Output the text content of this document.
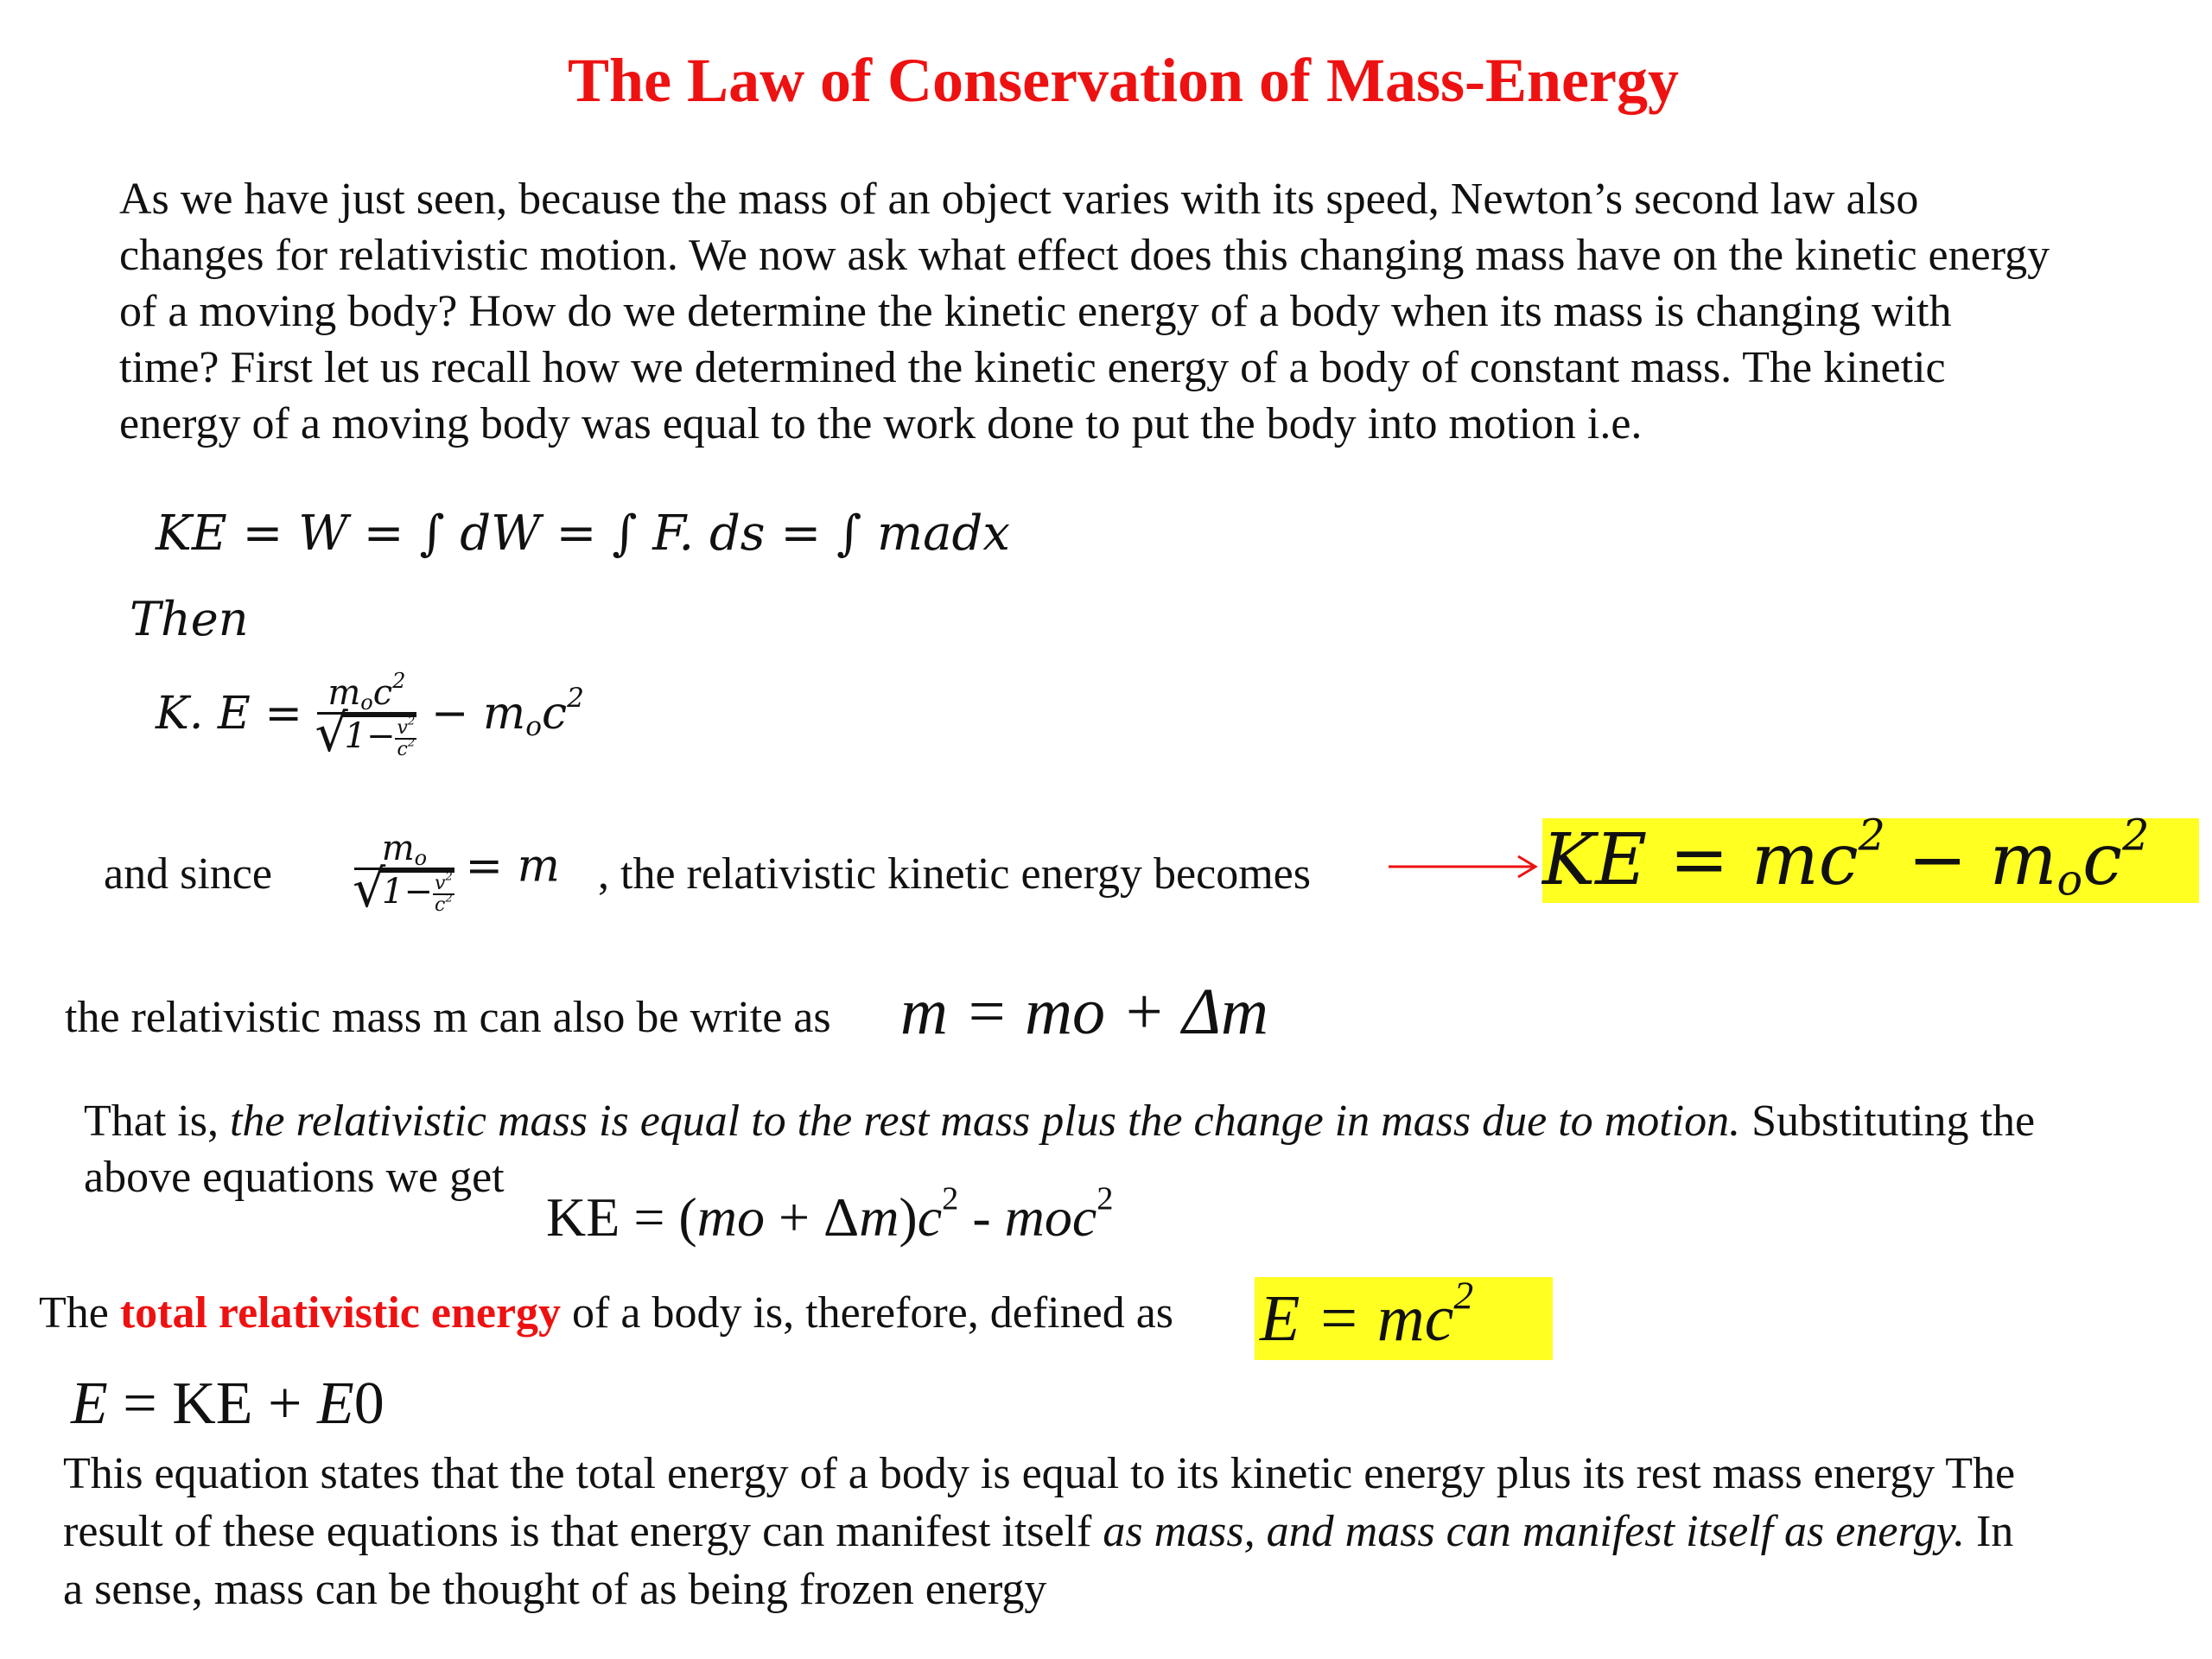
The Law of Conservation of Mass-Energy
As we have just seen, because the mass of an object varies with its speed, Newton’s second law also
changes for relativistic motion. We now ask what effect does this changing mass have on the kinetic energy
of a moving body? How do we determine the kinetic energy of a body when its mass is changing with
time? First let us recall how we determined the kinetic energy of a body of constant mass. The kinetic
energy of a moving body was equal to the work done to put the body into motion i.e.
KE = W = ∫ dW = ∫ F. ds = ∫ madx
Then
K. $E = m_oc^2$
√ $1- \frac{v^2}{c^2} - m_oc^2$
and since $m_o$
√ $1- \frac{v^2}{c^2} = m$ , the relativistic kinetic energy becomes	KE = $mc^2 - m_oc^2$
the relativistic mass m can also be write as m = mo + Δm
That is, the relativistic mass is equal to the rest mass plus the change in mass due to motion. Substituting the
above equations we get
KE = $(mo + \Delta m)c^2 - moc^2$
The total relativistic energy of a body is, therefore, defined as $E = mc^2$
E = KE + E0
This equation states that the total energy of a body is equal to its kinetic energy plus its rest mass energy The
result of these equations is that energy can manifest itself as mass, and mass can manifest itself as energy. In
a sense, mass can be thought of as being frozen energy
